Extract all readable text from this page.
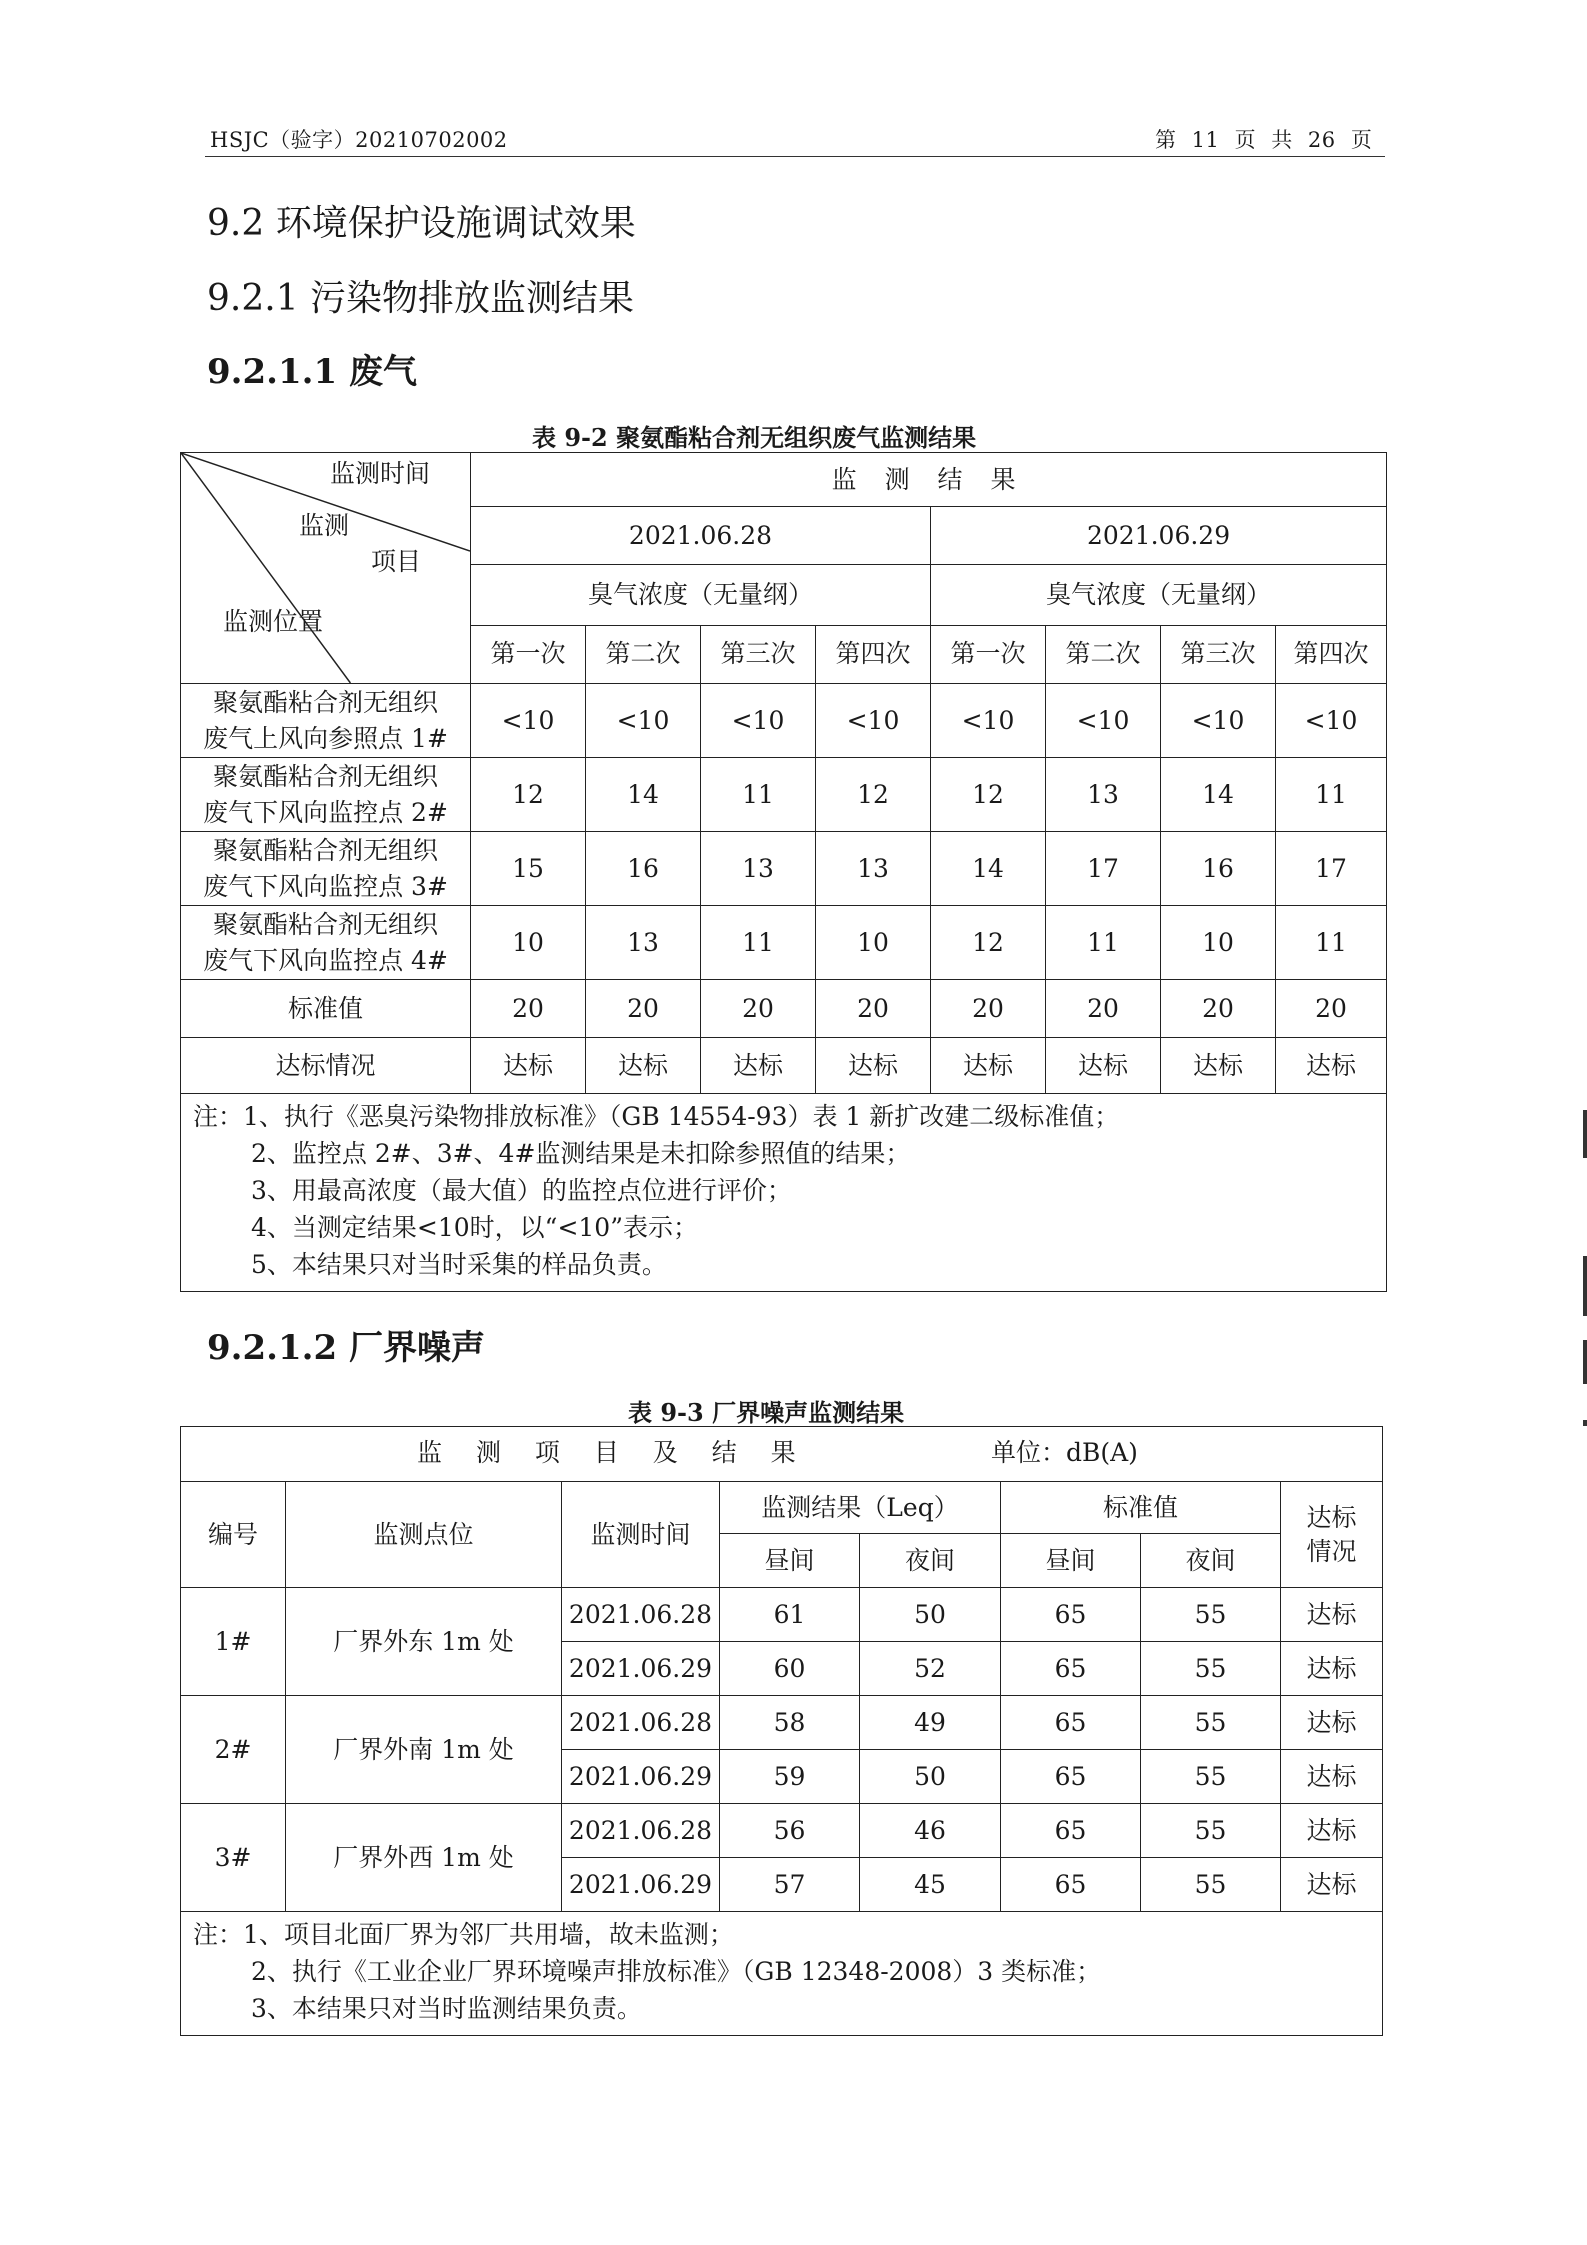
HSJC（验字）20210702002	第 11 页 共 26 页
9.2 环境保护设施调试效果
9.2.1 污染物排放监测结果
9.2.1.1 废气
表 9-2 聚氨酯粘合剂无组织废气监测结果
监测时间
监测
项目
监测位置	监 测 结 果							
	2021.06.28				2021.06.29			
	臭气浓度（无量纲）				臭气浓度（无量纲）			
	第一次	第二次	第三次	第四次	第一次	第二次	第三次	第四次
聚氨酯粘合剂无组织
废气上风向参照点 1#	<10	<10	<10	<10	<10	<10	<10	<10
聚氨酯粘合剂无组织
废气下风向监控点 2#	12	14	11	12	12	13	14	11
聚氨酯粘合剂无组织
废气下风向监控点 3#	15	16	13	13	14	17	16	17
聚氨酯粘合剂无组织
废气下风向监控点 4#	10	13	11	10	12	11	10	11
标准值	20	20	20	20	20	20	20	20
达标情况	达标	达标	达标	达标	达标	达标	达标	达标

注：1、执行《恶臭污染物排放标准》（GB 14554-93）表 1 新扩改建二级标准值；
2、监控点 2#、3#、4#监测结果是未扣除参照值的结果；
3、用最高浓度（最大值）的监控点位进行评价；
4、当测定结果<10时，以“<10”表示；
5、本结果只对当时采集的样品负责。								
9.2.1.2 厂界噪声
表 9-3 厂界噪声监测结果
监 测 项 目 及 结 果 单位：dB(A)							

编号	监测点位	监测时间	监测结果（Leq）		标准值		达标
情况
			昼间	夜间	昼间	夜间	
1#	厂界外东 1m 处	2021.06.28	61	50	65	55	达标
		2021.06.29	60	52	65	55	达标
2#	厂界外南 1m 处	2021.06.28	58	49	65	55	达标
		2021.06.29	59	50	65	55	达标
3#	厂界外西 1m 处	2021.06.28	56	46	65	55	达标
		2021.06.29	57	45	65	55	达标

注：1、项目北面厂界为邻厂共用墙，故未监测；
2、执行《工业企业厂界环境噪声排放标准》（GB 12348-2008）3 类标准；
3、本结果只对当时监测结果负责。							
